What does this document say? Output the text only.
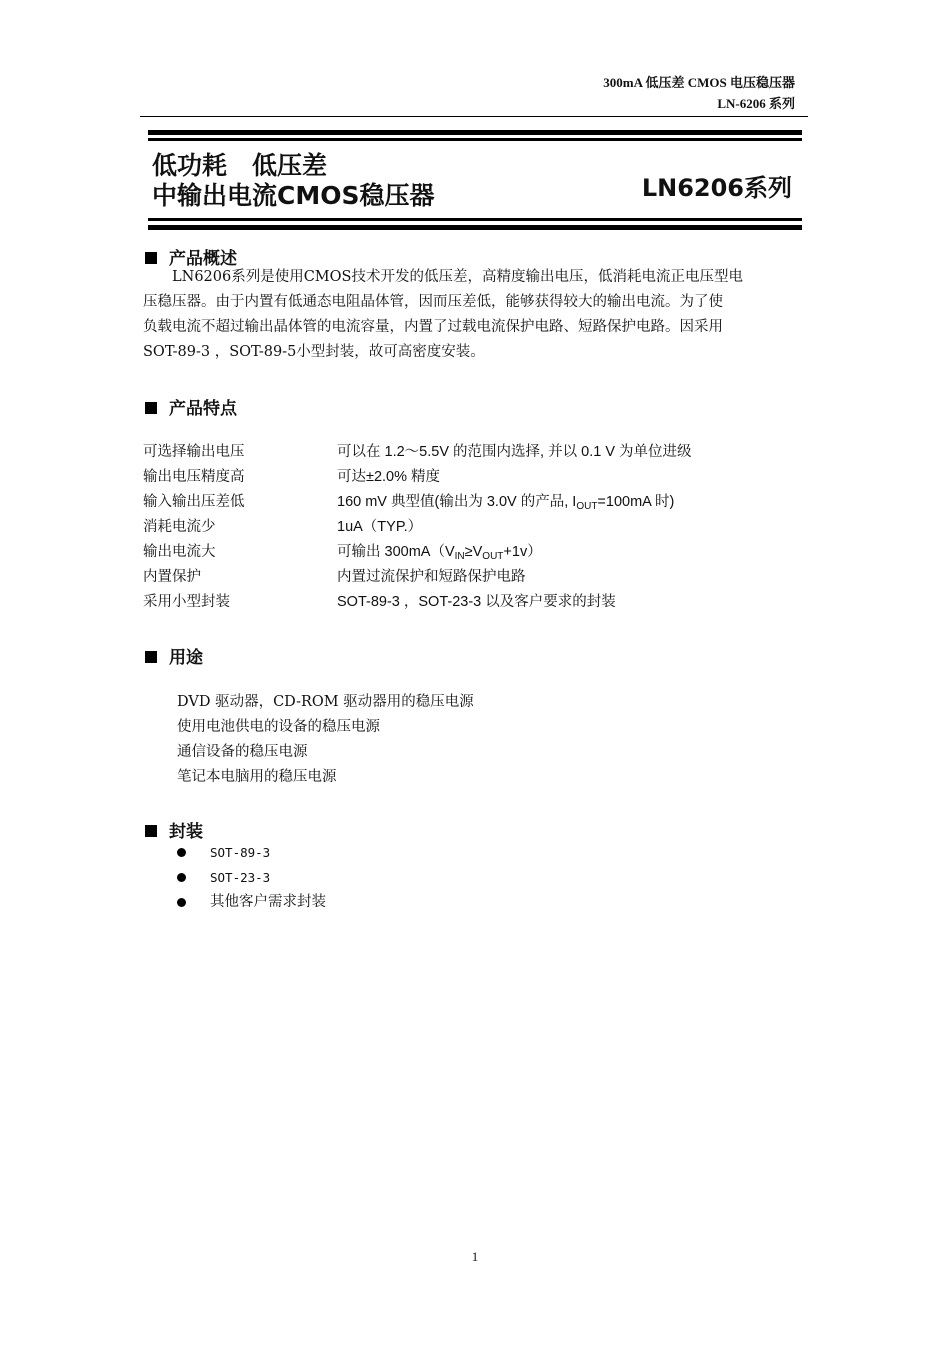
300mA 低压差 CMOS 电压稳压器
LN-6206 系列
低功耗　低压差
中输出电流CMOS稳压器	LN6206系列
产品概述
　　LN6206系列是使用CMOS技术开发的低压差，高精度输出电压，低消耗电流正电压型电
压稳压器。由于内置有低通态电阻晶体管，因而压差低，能够获得较大的输出电流。为了使
负载电流不超过输出晶体管的电流容量，内置了过载电流保护电路、短路保护电路。因采用
SOT-89-3 ，SOT-89-5小型封装，故可高密度安装。
产品特点
可选择输出电压	可以在 1.2～5.5V 的范围内选择, 并以 0.1 V 为单位进级
输出电压精度高	可达±2.0% 精度
输入输出压差低	160 mV 典型值(输出为 3.0V 的产品, $I_{OUT}=100mA$ 时)
消耗电流少	1uA（TYP.）
输出电流大	可输出 $300mA(V_{IN}\ge V_{OUT}+1v)$
内置保护	内置过流保护和短路保护电路
采用小型封装	SOT-89-3 ，SOT-23-3 以及客户要求的封装
用途
DVD 驱动器，CD-ROM 驱动器用的稳压电源
使用电池供电的设备的稳压电源
通信设备的稳压电源
笔记本电脑用的稳压电源
封装
SOT-89-3
SOT-23-3
其他客户需求封装
1
